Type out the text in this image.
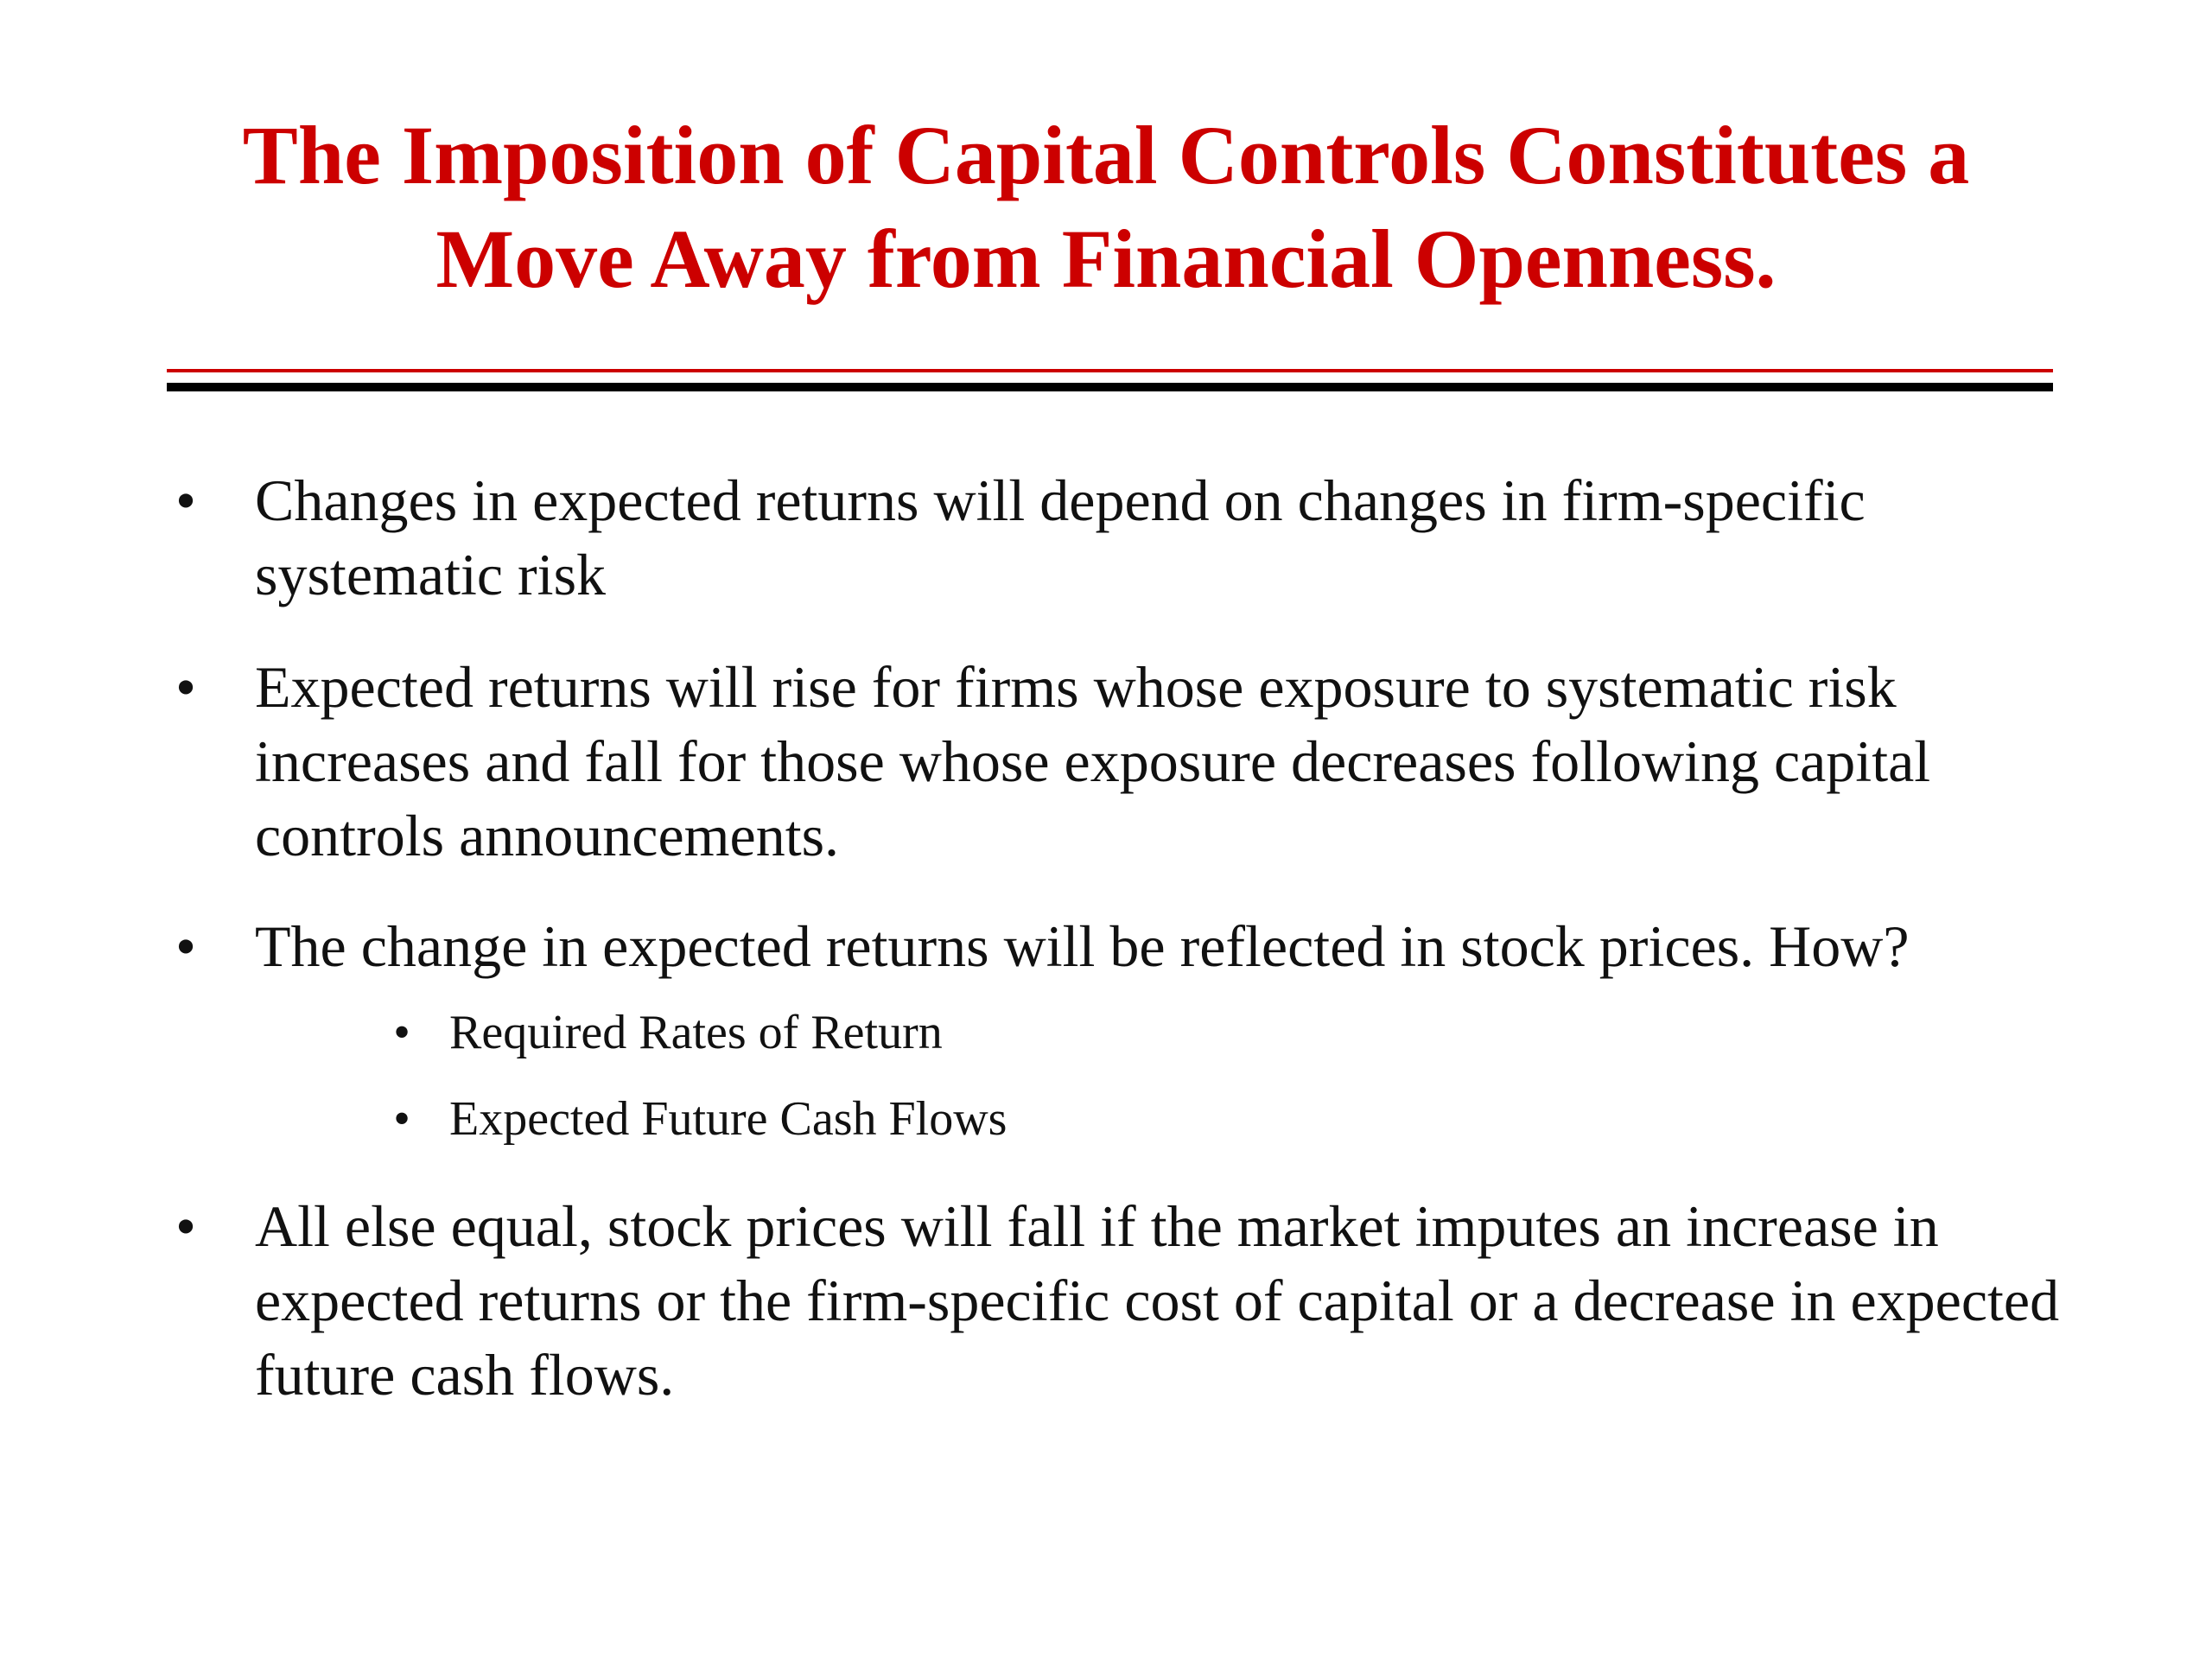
The Imposition of Capital Controls Constitutes a
Move Away from Financial Openness.
• Changes in expected returns will depend on changes in firm-specific
systematic risk
• Expected returns will rise for firms whose exposure to systematic risk
increases and fall for those whose exposure decreases following capital
controls announcements.
• The change in expected returns will be reflected in stock prices. How?
• Required Rates of Return
• Expected Future Cash Flows
• All else equal, stock prices will fall if the market imputes an increase in
expected returns or the firm-specific cost of capital or a decrease in expected
future cash flows.
